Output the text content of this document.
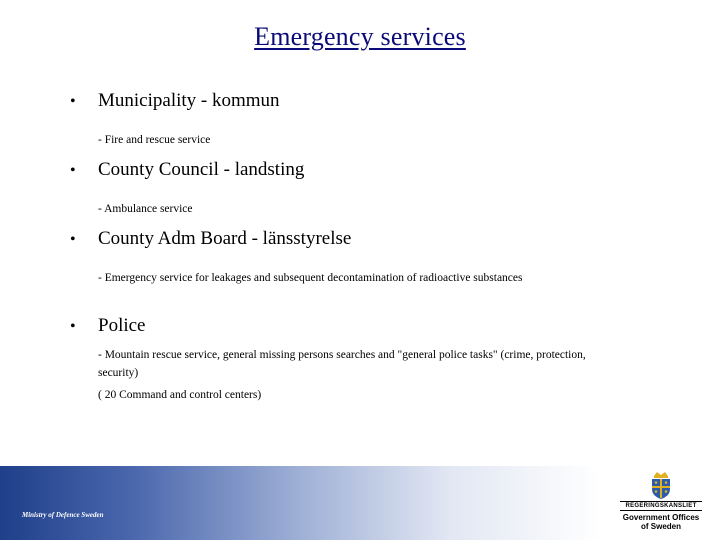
Emergency services
•	Municipality - kommun
- Fire and rescue service
•	County Council - landsting
- Ambulance service
•	County Adm Board - länsstyrelse
- Emergency service for leakages and subsequent decontamination of radioactive substances
•	Police
- Mountain rescue service, general missing persons searches and "general police tasks" (crime, protection,
security)
( 20 Command and control centers)
Ministry of Defence Sweden
REGERINGSKANSLIET
Government Offices
of Sweden
